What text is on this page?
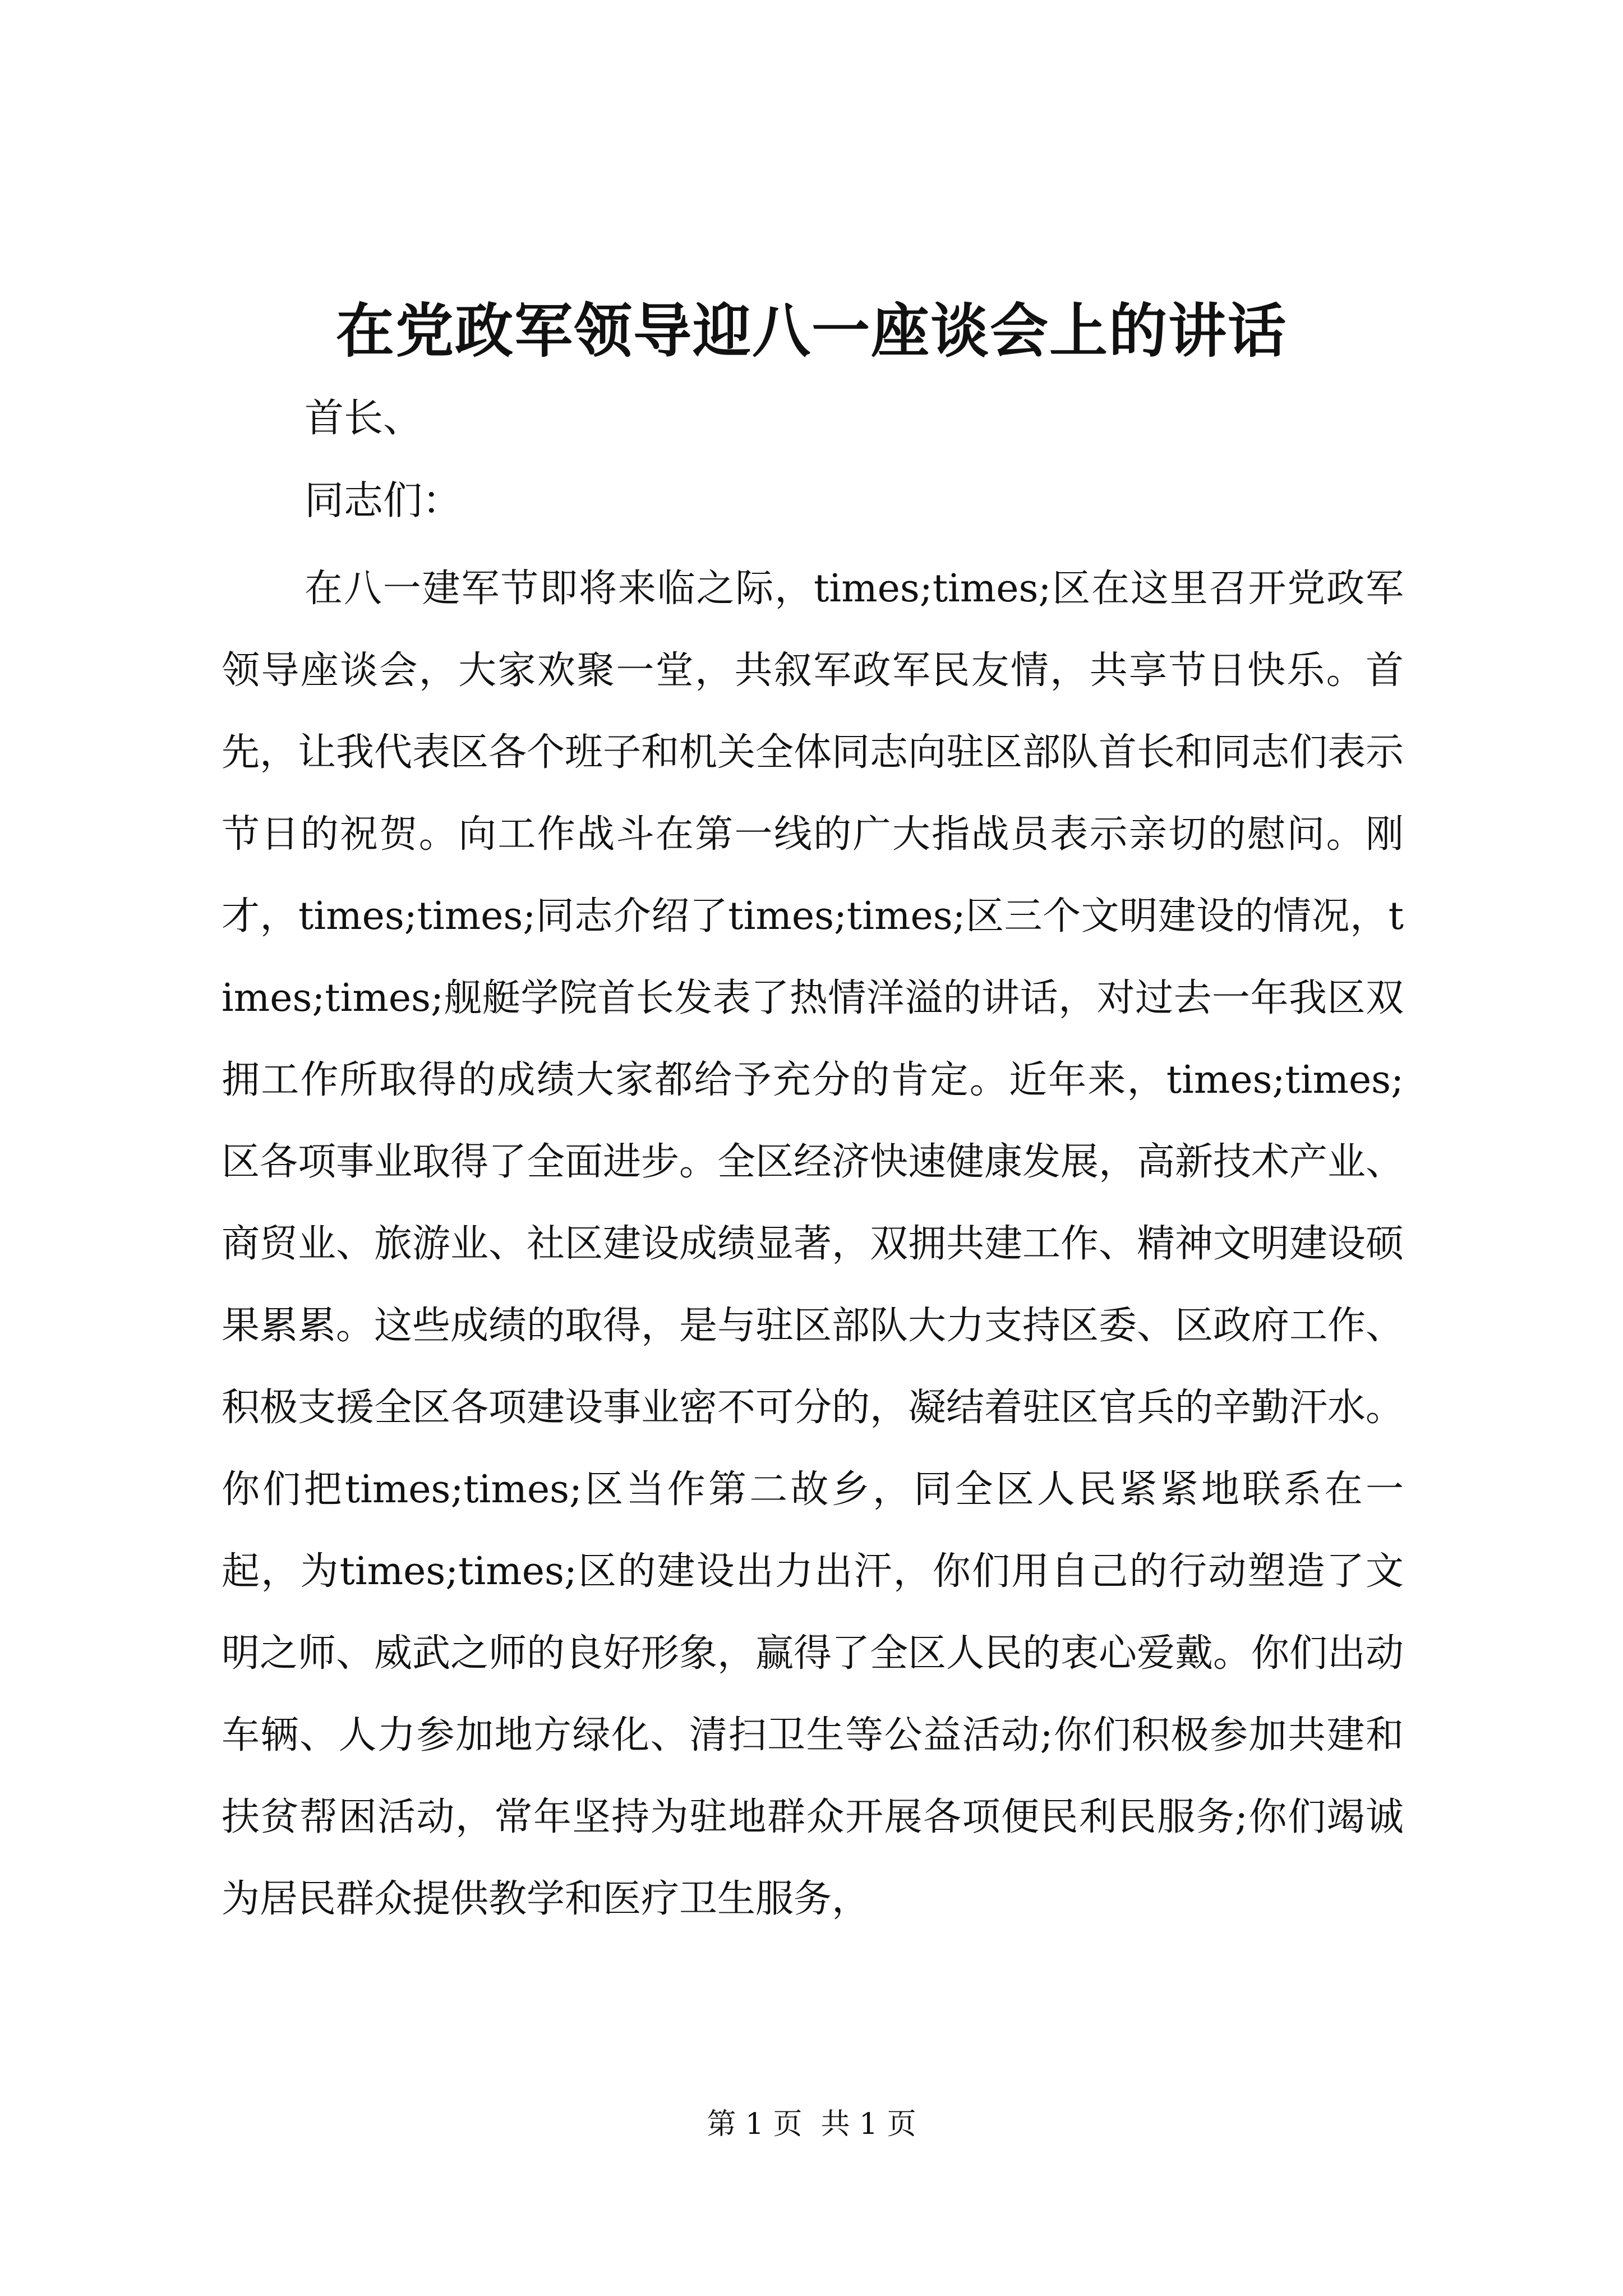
在党政军领导迎八一座谈会上的讲话
首长、
同志们：
在八一建军节即将来临之际，times;times;区在这里召开党政军领导座谈会，大家欢聚一堂，共叙军政军民友情，共享节日快乐。首先，让我代表区各个班子和机关全体同志向驻区部队首长和同志们表示节日的祝贺。向工作战斗在第一线的广大指战员表示亲切的慰问。刚才，times;times;同志介绍了times;times;区三个文明建设的情况，times;times;舰艇学院首长发表了热情洋溢的讲话，对过去一年我区双拥工作所取得的成绩大家都给予充分的肯定。近年来，times;times;区各项事业取得了全面进步。全区经济快速健康发展，高新技术产业、商贸业、旅游业、社区建设成绩显著，双拥共建工作、精神文明建设硕果累累。这些成绩的取得，是与驻区部队大力支持区委、区政府工作、积极支援全区各项建设事业密不可分的，凝结着驻区官兵的辛勤汗水。你们把times;times;区当作第二故乡，同全区人民紧紧地联系在一起，为times;times;区的建设出力出汗，你们用自己的行动塑造了文明之师、威武之师的良好形象，赢得了全区人民的衷心爱戴。你们出动车辆、人力参加地方绿化、清扫卫生等公益活动;你们积极参加共建和扶贫帮困活动，常年坚持为驻地群众开展各项便民利民服务;你们竭诚为居民群众提供教学和医疗卫生服务，
第 1 页  共 1 页
